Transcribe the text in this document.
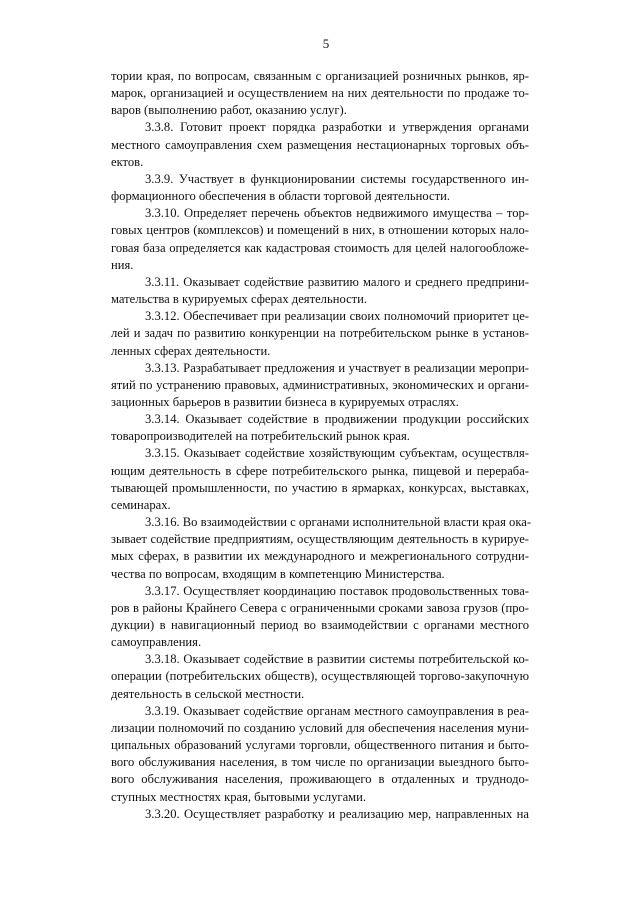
5

тории края, по вопросам, связанным с организацией розничных рынков, яр-
марок, организацией и осуществлением на них деятельности по продаже то-
варов (выполнению работ, оказанию услуг).

3.3.8. Готовит проект порядка разработки и утверждения органами
местного самоуправления схем размещения нестационарных торговых объ-
ектов.

3.3.9. Участвует в функционировании системы государственного ин-
формационного обеспечения в области торговой деятельности.

3.3.10. Определяет перечень объектов недвижимого имущества – тор-
говых центров (комплексов) и помещений в них, в отношении которых нало-
говая база определяется как кадастровая стоимость для целей налогообложе-
ния.

3.3.11. Оказывает содействие развитию малого и среднего предприни-
мательства в курируемых сферах деятельности.

3.3.12. Обеспечивает при реализации своих полномочий приоритет це-
лей и задач по развитию конкуренции на потребительском рынке в установ-
ленных сферах деятельности.

3.3.13. Разрабатывает предложения и участвует в реализации меропри-
ятий по устранению правовых, административных, экономических и органи-
зационных барьеров в развитии бизнеса в курируемых отраслях.

3.3.14. Оказывает содействие в продвижении продукции российских
товаропроизводителей на потребительский рынок края.

3.3.15. Оказывает содействие хозяйствующим субъектам, осуществля-
ющим деятельность в сфере потребительского рынка, пищевой и перераба-
тывающей промышленности, по участию в ярмарках, конкурсах, выставках,
семинарах.

3.3.16. Во взаимодействии с органами исполнительной власти края ока-
зывает содействие предприятиям, осуществляющим деятельность в курируе-
мых сферах, в развитии их международного и межрегионального сотрудни-
чества по вопросам, входящим в компетенцию Министерства.

3.3.17. Осуществляет координацию поставок продовольственных това-
ров в районы Крайнего Севера с ограниченными сроками завоза грузов (про-
дукции) в навигационный период во взаимодействии с органами местного
самоуправления.

3.3.18. Оказывает содействие в развитии системы потребительской ко-
операции (потребительских обществ), осуществляющей торгово-закупочную
деятельность в сельской местности.

3.3.19. Оказывает содействие органам местного самоуправления в реа-
лизации полномочий по созданию условий для обеспечения населения муни-
ципальных образований услугами торговли, общественного питания и быто-
вого обслуживания населения, в том числе по организации выездного быто-
вого обслуживания населения, проживающего в отдаленных и труднодо-
ступных местностях края, бытовыми услугами.

3.3.20. Осуществляет разработку и реализацию мер, направленных на
